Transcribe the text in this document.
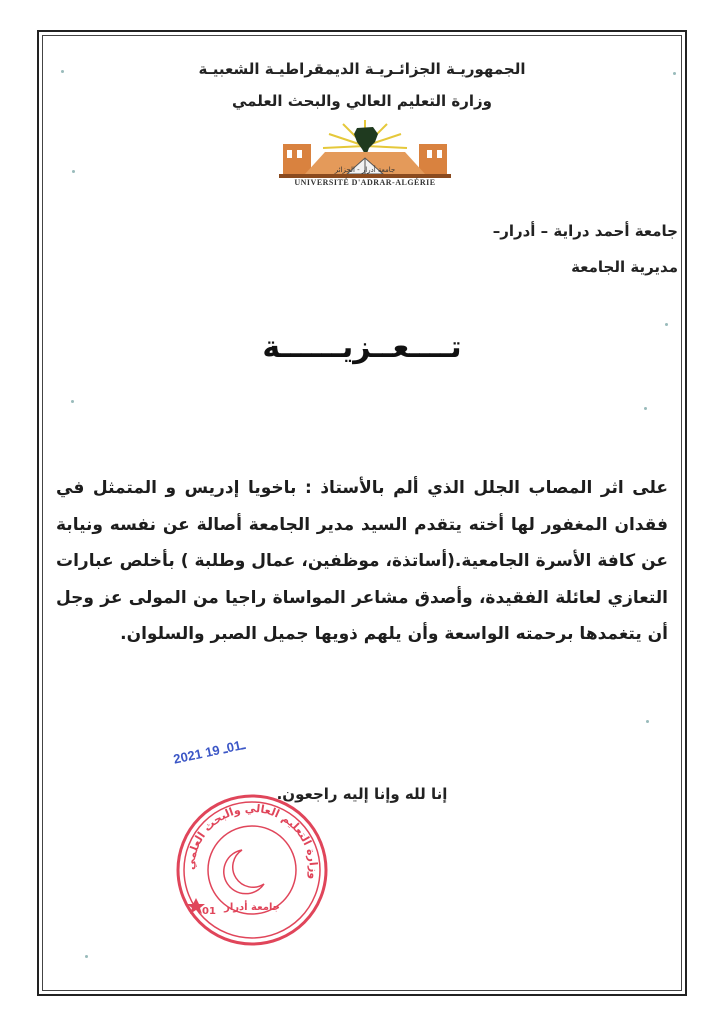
الجمهوريـة الجزائـريـة الديمقراطيـة الشعبيـة
وزارة التعليم العالي والبحث العلمي
جامعة أدرار - الجزائر
UNIVERSITÉ D'ADRAR-ALGÉRIE
جامعة أحمد دراية – أدرار–
مديرية الجامعة
تــــعــزيــــــة
على اثر المصاب الجلل الذي ألم بالأستاذ : باخويا إدريس و المتمثل في فقدان المغفور لها أخته يتقدم السيد مدير الجامعة أصالة عن نفسه ونيابة عن كافة الأسرة الجامعية.(أساتذة، موظفين، عمال وطلبة ) بأخلص عبارات التعازي لعائلة الفقيدة، وأصدق مشاعر المواساة راجيا من المولى عز وجل أن يتغمدها برحمته الواسعة وأن يلهم ذويها جميل الصبر والسلوان.
إنا لله وإنا إليه راجعون.
2021 ـ01ـ 19
وزارة التعليم العالي والبحث العلمي
جامعة أدرار
01
